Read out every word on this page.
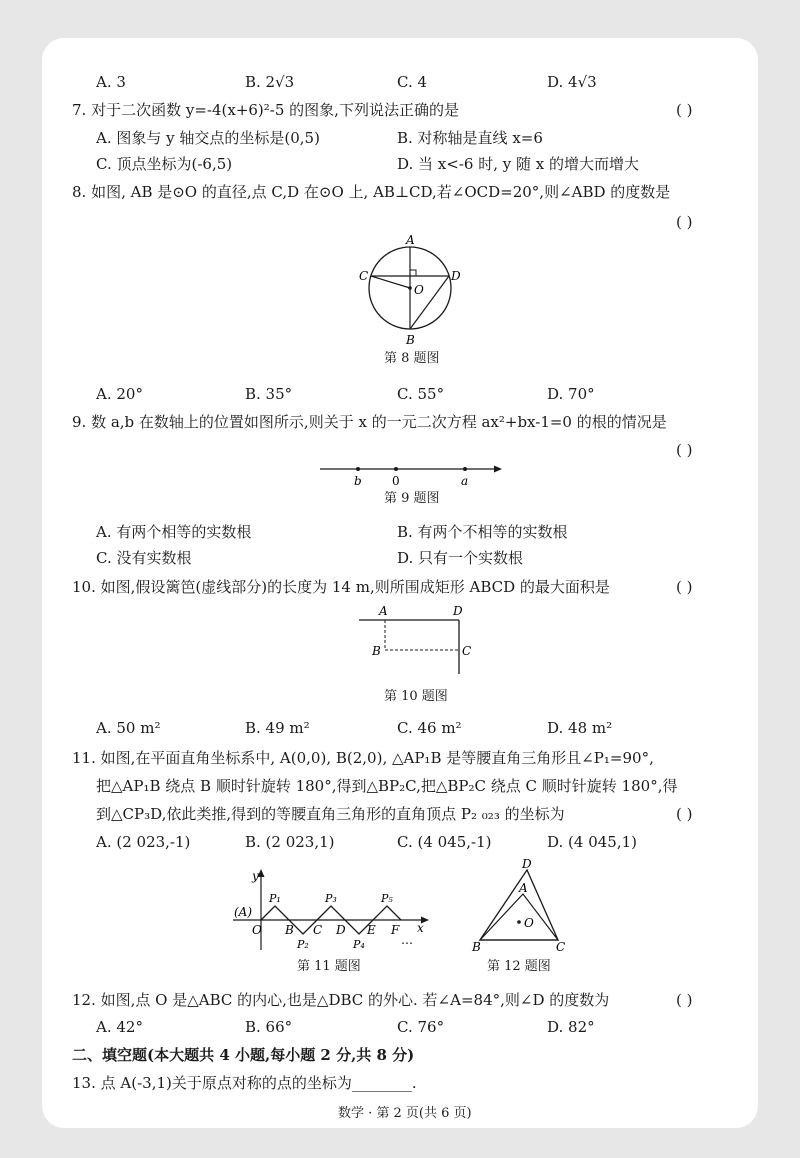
A. 3	B. 2√3	C. 4	D. 4√3
7. 对于二次函数 y=-4(x+6)²-5 的图象,下列说法正确的是	( )
A. 图象与 y 轴交点的坐标是(0,5)	B. 对称轴是直线 x=6
C. 顶点坐标为(-6,5)	D. 当 x<-6 时, y 随 x 的增大而增大
8. 如图, AB 是⊙O 的直径,点 C,D 在⊙O 上, AB⊥CD,若∠OCD=20°,则∠ABD 的度数是
( )
A
B
C	D
O
第 8 题图
A. 20°	B. 35°	C. 55°	D. 70°
9. 数 a,b 在数轴上的位置如图所示,则关于 x 的一元二次方程 ax²+bx-1=0 的根的情况是
( )
b	0	a
第 9 题图
A. 有两个相等的实数根	B. 有两个不相等的实数根
C. 没有实数根	D. 只有一个实数根
10. 如图,假设篱笆(虚线部分)的长度为 14 m,则所围成矩形 ABCD 的最大面积是	( )
A	D
B	C
第 10 题图
A. 50 m²	B. 49 m²	C. 46 m²	D. 48 m²
11. 如图,在平面直角坐标系中, A(0,0), B(2,0), △AP₁B 是等腰直角三角形且∠P₁=90°,
把△AP₁B 绕点 B 顺时针旋转 180°,得到△BP₂C,把△BP₂C 绕点 C 顺时针旋转 180°,得
到△CP₃D,依此类推,得到的等腰直角三角形的直角顶点 P₂ ₀₂₃ 的坐标为	( )
A. (2 023,-1)	B. (2 023,1)	C. (4 045,-1)	D. (4 045,1)
y
x
(A)
O B C D E F
P₁
P₂
P₃
P₄
P₅
…
第 11 题图
D
A
O
B	C
第 12 题图
12. 如图,点 O 是△ABC 的内心,也是△DBC 的外心. 若∠A=84°,则∠D 的度数为	( )
A. 42°	B. 66°	C. 76°	D. 82°
二、填空题(本大题共 4 小题,每小题 2 分,共 8 分)
13. 点 A(-3,1)关于原点对称的点的坐标为________.
数学 · 第 2 页(共 6 页)
